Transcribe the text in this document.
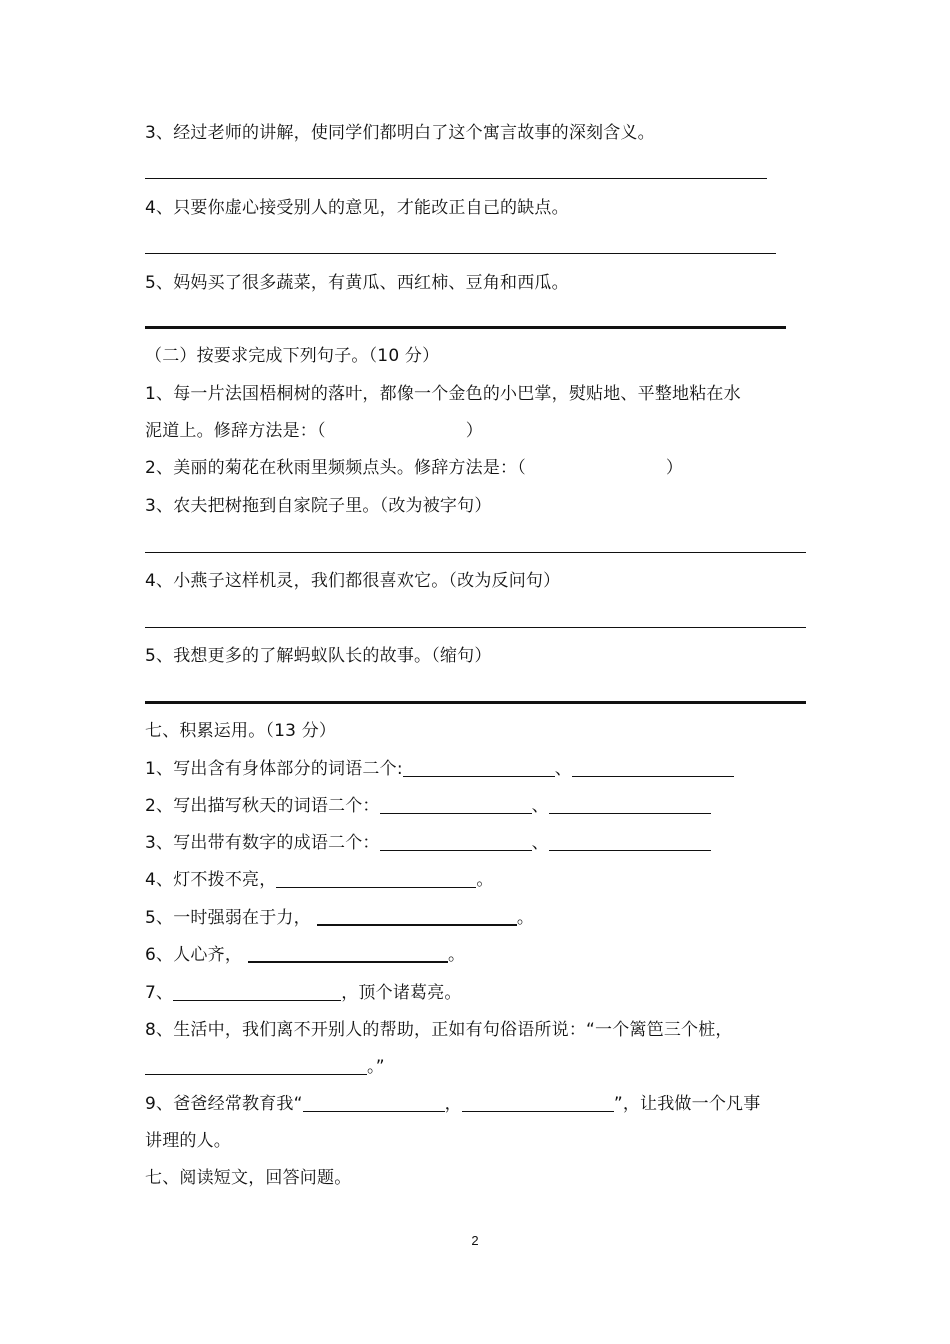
3、经过老师的讲解，使同学们都明白了这个寓言故事的深刻含义。
4、只要你虚心接受别人的意见，才能改正自己的缺点。
5、妈妈买了很多蔬菜，有黄瓜、西红柿、豆角和西瓜。
（二）按要求完成下列句子。（10 分）
1、每一片法国梧桐树的落叶，都像一个金色的小巴掌，熨贴地、平整地粘在水
泥道上。修辞方法是：（	）
2、美丽的菊花在秋雨里频频点头。修辞方法是：（	）
3、农夫把树拖到自家院子里。（改为被字句）
4、小燕子这样机灵，我们都很喜欢它。（改为反问句）
5、我想更多的了解蚂蚁队长的故事。（缩句）
七、积累运用。（13 分）
1、写出含有身体部分的词语二个:	、
2、写出描写秋天的词语二个：	、
3、写出带有数字的成语二个：	、
4、灯不拨不亮，	。
5、一时强弱在于力，	。
6、人心齐，	。
7、	，顶个诸葛亮。
8、生活中，我们离不开别人的帮助，正如有句俗语所说：“一个篱笆三个桩，
。”
9、爸爸经常教育我“	，	”，让我做一个凡事
讲理的人。
七、阅读短文，回答问题。
2
